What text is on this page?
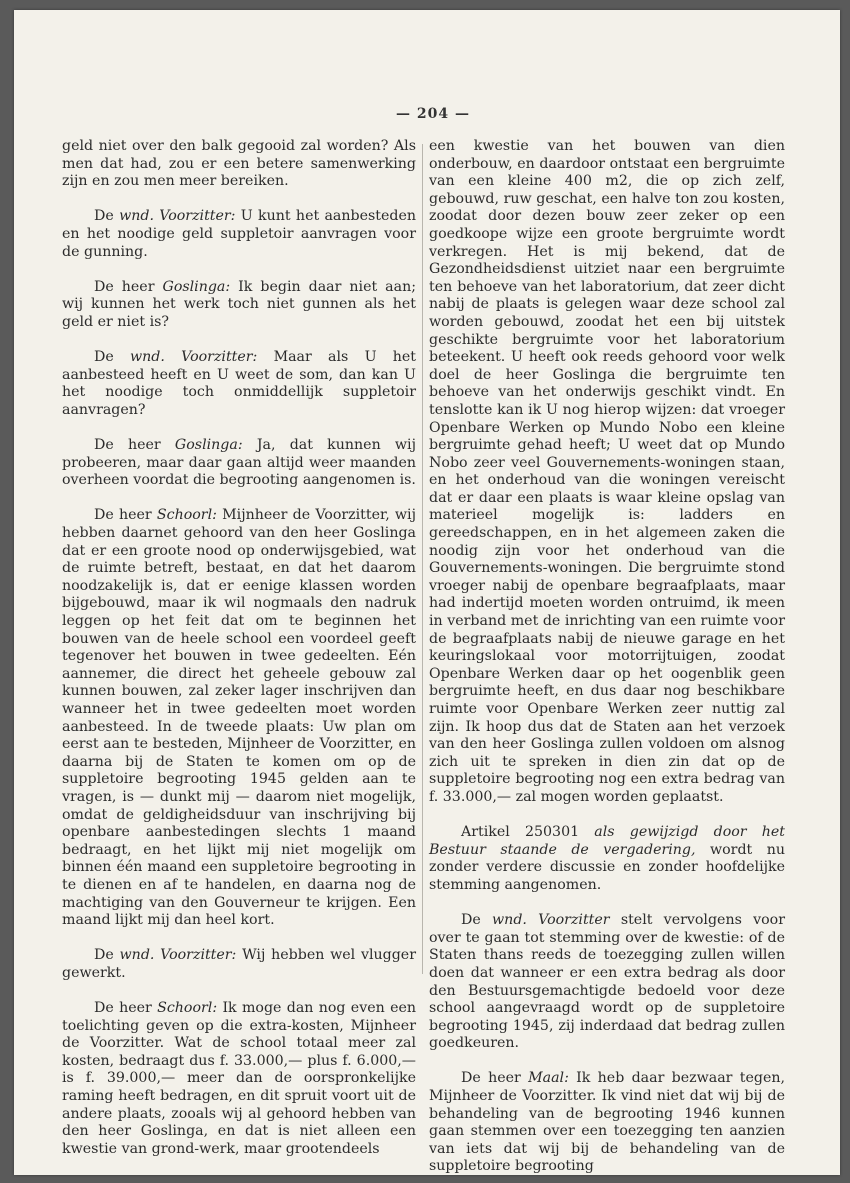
— 204 —

geld niet over den balk gegooid zal worden? Als men dat had, zou er een betere samenwerking zijn en zou men meer bereiken.

De wnd. Voorzitter: U kunt het aanbesteden en het noodige geld suppletoir aanvragen voor de gunning.

De heer Goslinga: Ik begin daar niet aan; wij kunnen het werk toch niet gunnen als het geld er niet is?

De wnd. Voorzitter: Maar als U het aanbesteed heeft en U weet de som, dan kan U het noodige toch onmiddellijk suppletoir aanvragen?

De heer Goslinga: Ja, dat kunnen wij probeeren, maar daar gaan altijd weer maanden overheen voordat die begrooting aangenomen is.

De heer Schoorl: Mijnheer de Voorzitter, wij hebben daarnet gehoord van den heer Goslinga dat er een groote nood op onderwijsgebied, wat de ruimte betreft, bestaat, en dat het daarom noodzakelijk is, dat er eenige klassen worden bijgebouwd, maar ik wil nogmaals den nadruk leggen op het feit dat om te beginnen het bouwen van de heele school een voordeel geeft tegenover het bouwen in twee gedeelten. Eén aannemer, die direct het geheele gebouw zal kunnen bouwen, zal zeker lager inschrijven dan wanneer het in twee gedeelten moet worden aanbesteed. In de tweede plaats: Uw plan om eerst aan te besteden, Mijnheer de Voorzitter, en daarna bij de Staten te komen om op de suppletoire begrooting 1945 gelden aan te vragen, is — dunkt mij — daarom niet mogelijk, omdat de geldigheidsduur van inschrijving bij openbare aanbestedingen slechts 1 maand bedraagt, en het lijkt mij niet mogelijk om binnen één maand een suppletoire begrooting in te dienen en af te handelen, en daarna nog de machtiging van den Gouverneur te krijgen. Een maand lijkt mij dan heel kort.

De wnd. Voorzitter: Wij hebben wel vlugger gewerkt.

De heer Schoorl: Ik moge dan nog even een toelichting geven op die extra-kosten, Mijnheer de Voorzitter. Wat de school totaal meer zal kosten, bedraagt dus f. 33.000,— plus f. 6.000,— is f. 39.000,— meer dan de oorspronkelijke raming heeft bedragen, en dit spruit voort uit de andere plaats, zooals wij al gehoord hebben van den heer Goslinga, en dat is niet alleen een kwestie van grond-werk, maar grootendeels

een kwestie van het bouwen van dien onderbouw, en daardoor ontstaat een bergruimte van een kleine 400 m2, die op zich zelf, gebouwd, ruw geschat, een halve ton zou kosten, zoodat door dezen bouw zeer zeker op een goedkoope wijze een groote bergruimte wordt verkregen. Het is mij bekend, dat de Gezondheidsdienst uitziet naar een bergruimte ten behoeve van het laboratorium, dat zeer dicht nabij de plaats is gelegen waar deze school zal worden gebouwd, zoodat het een bij uitstek geschikte bergruimte voor het laboratorium beteekent. U heeft ook reeds gehoord voor welk doel de heer Goslinga die bergruimte ten behoeve van het onderwijs geschikt vindt. En tenslotte kan ik U nog hierop wijzen: dat vroeger Openbare Werken op Mundo Nobo een kleine bergruimte gehad heeft; U weet dat op Mundo Nobo zeer veel Gouvernements-woningen staan, en het onderhoud van die woningen vereischt dat er daar een plaats is waar kleine opslag van materieel mogelijk is: ladders en gereedschappen, en in het algemeen zaken die noodig zijn voor het onderhoud van die Gouvernements-woningen. Die bergruimte stond vroeger nabij de openbare begraafplaats, maar had indertijd moeten worden ontruimd, ik meen in verband met de inrichting van een ruimte voor de begraafplaats nabij de nieuwe garage en het keuringslokaal voor motorrijtuigen, zoodat Openbare Werken daar op het oogenblik geen bergruimte heeft, en dus daar nog beschikbare ruimte voor Openbare Werken zeer nuttig zal zijn. Ik hoop dus dat de Staten aan het verzoek van den heer Goslinga zullen voldoen om alsnog zich uit te spreken in dien zin dat op de suppletoire begrooting nog een extra bedrag van f. 33.000,— zal mogen worden geplaatst.

Artikel 250301 als gewijzigd door het Bestuur staande de vergadering, wordt nu zonder verdere discussie en zonder hoofdelijke stemming aangenomen.

De wnd. Voorzitter stelt vervolgens voor over te gaan tot stemming over de kwestie: of de Staten thans reeds de toezegging zullen willen doen dat wanneer er een extra bedrag als door den Bestuursgemachtigde bedoeld voor deze school aangevraagd wordt op de suppletoire begrooting 1945, zij inderdaad dat bedrag zullen goedkeuren.

De heer Maal: Ik heb daar bezwaar tegen, Mijnheer de Voorzitter. Ik vind niet dat wij bij de behandeling van de begrooting 1946 kunnen gaan stemmen over een toezegging ten aanzien van iets dat wij bij de behandeling van de suppletoire begrooting
